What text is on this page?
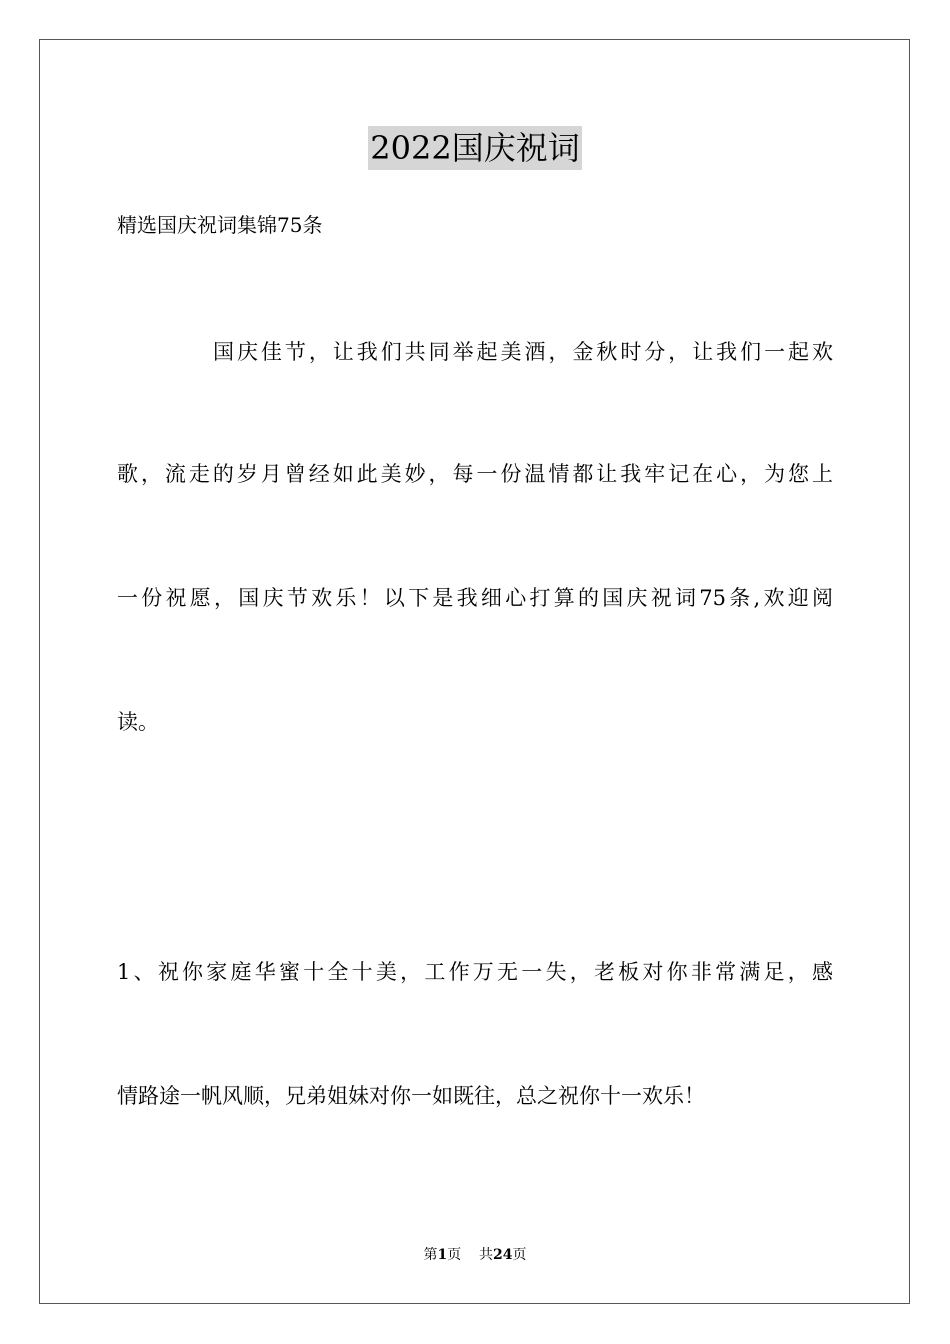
2022国庆祝词
精选国庆祝词集锦75条
国庆佳节，让我们共同举起美酒，金秋时分，让我们一起欢
歌，流走的岁月曾经如此美妙，每一份温情都让我牢记在心，为您上
一份祝愿，国庆节欢乐！以下是我细心打算的国庆祝词75条,欢迎阅
读。
1、祝你家庭华蜜十全十美，工作万无一失，老板对你非常满足，感
情路途一帆风顺，兄弟姐妹对你一如既往，总之祝你十一欢乐！
第1页 共24页
